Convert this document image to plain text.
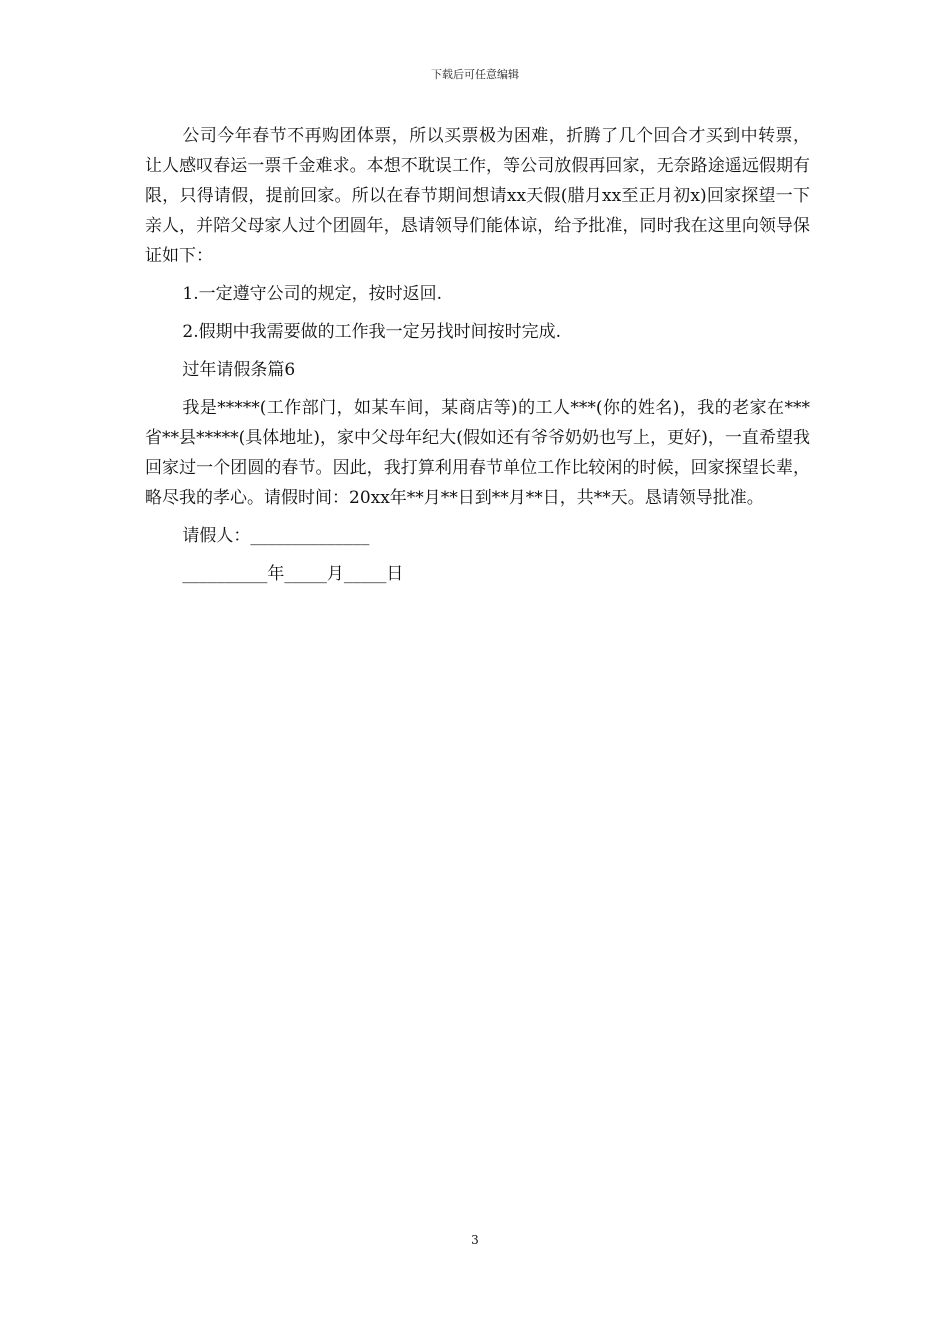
下载后可任意编辑

公司今年春节不再购团体票，所以买票极为困难，折腾了几个回合才买到中转票，让人感叹春运一票千金难求。本想不耽误工作，等公司放假再回家，无奈路途遥远假期有限，只得请假，提前回家。所以在春节期间想请xx天假(腊月xx至正月初x)回家探望一下亲人，并陪父母家人过个团圆年，恳请领导们能体谅，给予批准，同时我在这里向领导保证如下：

1.一定遵守公司的规定，按时返回.

2.假期中我需要做的工作我一定另找时间按时完成.

过年请假条篇6

我是*****(工作部门，如某车间，某商店等)的工人***(你的姓名)，我的老家在***省**县*****(具体地址)，家中父母年纪大(假如还有爷爷奶奶也写上，更好)，一直希望我回家过一个团圆的春节。因此，我打算利用春节单位工作比较闲的时候，回家探望长辈，略尽我的孝心。请假时间：20xx年**月**日到**月**日，共**天。恳请领导批准。

请假人：______________

__________年_____月_____日

3
